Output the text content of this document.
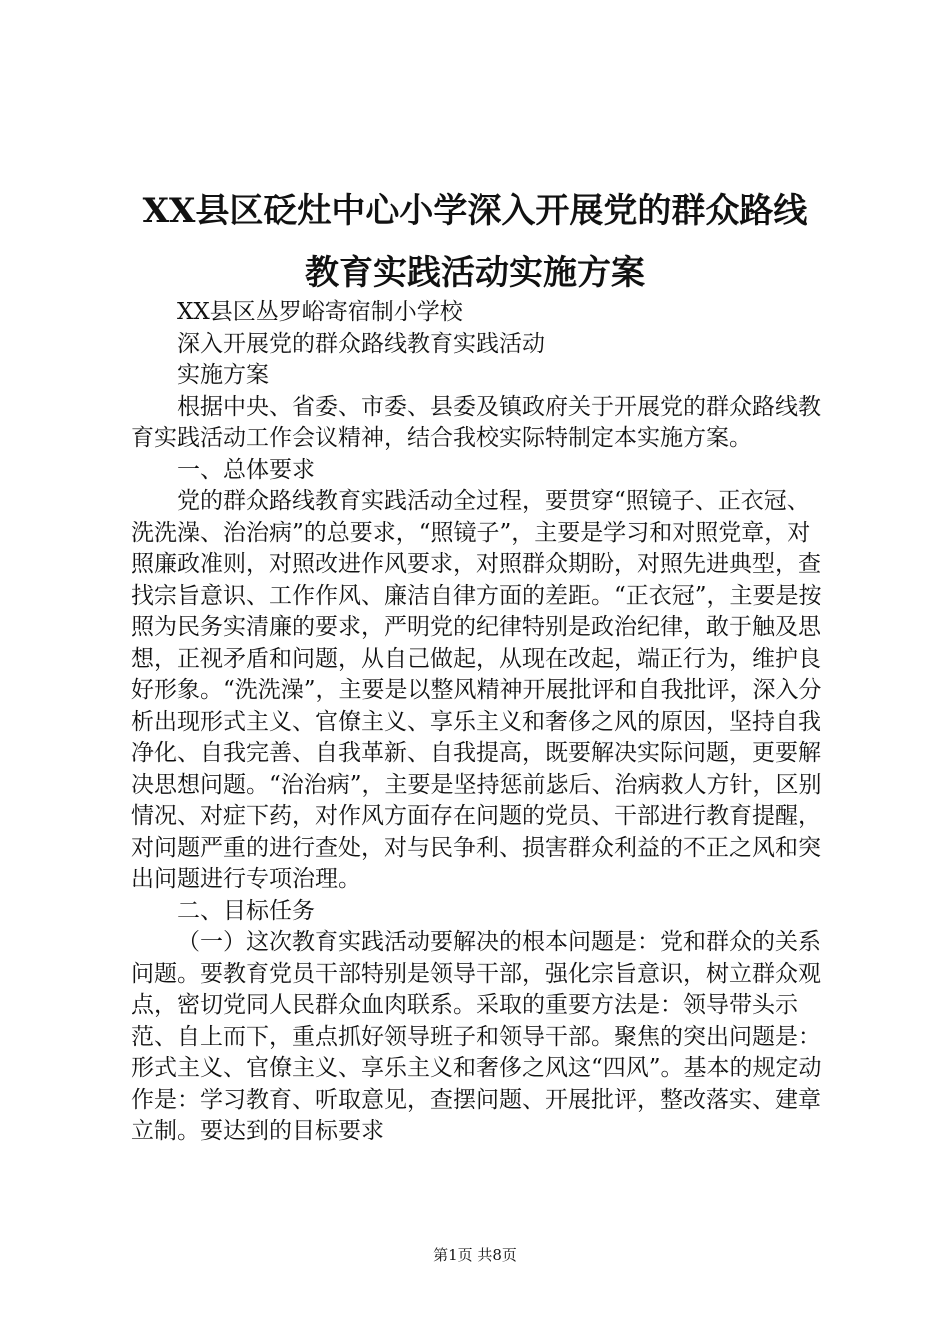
XX县区砭灶中心小学深入开展党的群众路线
教育实践活动实施方案

XX县区丛罗峪寄宿制小学校

深入开展党的群众路线教育实践活动

实施方案

根据中央、省委、市委、县委及镇政府关于开展党的群众路线教育实践活动工作会议精神，结合我校实际特制定本实施方案。

一、总体要求

党的群众路线教育实践活动全过程，要贯穿“照镜子、正衣冠、洗洗澡、治治病”的总要求，“照镜子”，主要是学习和对照党章，对照廉政准则，对照改进作风要求，对照群众期盼，对照先进典型，查找宗旨意识、工作作风、廉洁自律方面的差距。“正衣冠”，主要是按照为民务实清廉的要求，严明党的纪律特别是政治纪律，敢于触及思想，正视矛盾和问题，从自己做起，从现在改起，端正行为，维护良好形象。“洗洗澡”，主要是以整风精神开展批评和自我批评，深入分析出现形式主义、官僚主义、享乐主义和奢侈之风的原因，坚持自我净化、自我完善、自我革新、自我提高，既要解决实际问题，更要解决思想问题。“治治病”，主要是坚持惩前毖后、治病救人方针，区别情况、对症下药，对作风方面存在问题的党员、干部进行教育提醒，对问题严重的进行查处，对与民争利、损害群众利益的不正之风和突出问题进行专项治理。

二、目标任务

（一）这次教育实践活动要解决的根本问题是：党和群众的关系问题。要教育党员干部特别是领导干部，强化宗旨意识，树立群众观点，密切党同人民群众血肉联系。采取的重要方法是：领导带头示范、自上而下，重点抓好领导班子和领导干部。聚焦的突出问题是：形式主义、官僚主义、享乐主义和奢侈之风这“四风”。基本的规定动作是：学习教育、听取意见，查摆问题、开展批评，整改落实、建章立制。要达到的目标要求

第1页 共8页
